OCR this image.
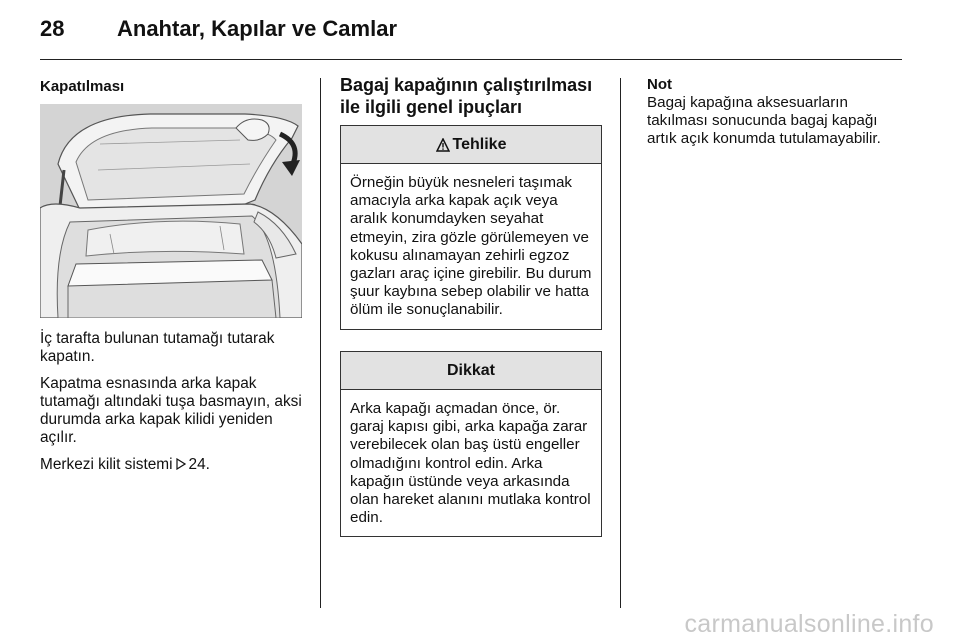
28 Anahtar, Kapılar ve Camlar

Kapatılması

İç tarafta bulunan tutamağı tutarak kapatın.

Kapatma esnasında arka kapak tutamağı altındaki tuşa basmayın, aksi durumda arka kapak kilidi yeniden açılır.

Merkezi kilit sistemi 24.

Bagaj kapağının çalıştırılması ile ilgili genel ipuçları
Tehlike
Örneğin büyük nesneleri taşımak amacıyla arka kapak açık veya aralık konumdayken seyahat etmeyin, zira gözle görülemeyen ve kokusu alınamayan zehirli egzoz gazları araç içine girebilir. Bu durum şuur kaybına sebep olabilir ve hatta ölüm ile sonuçlanabilir.
Dikkat
Arka kapağı açmadan önce, ör. garaj kapısı gibi, arka kapağa zarar verebilecek olan baş üstü engeller olmadığını kontrol edin. Arka kapağın üstünde veya arkasında olan hareket alanını mutlaka kontrol edin.
Not
Bagaj kapağına aksesuarların takılması sonucunda bagaj kapağı artık açık konumda tutulamayabilir.
carmanualsonline.info
